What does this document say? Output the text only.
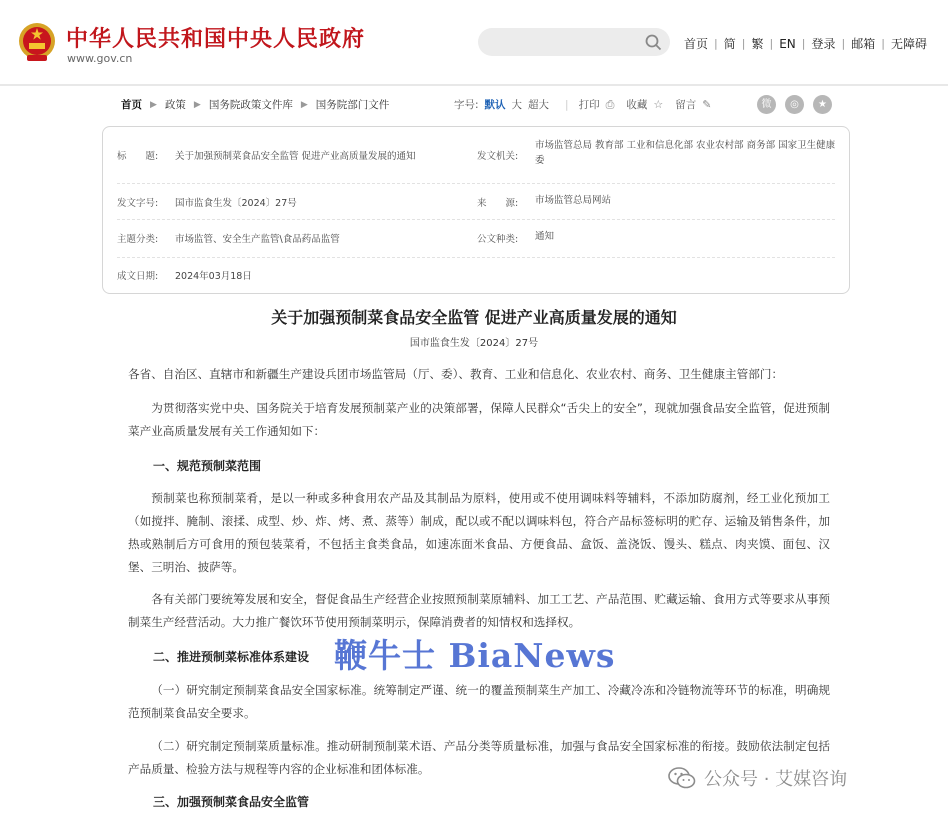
中华人民共和国中央人民政府
www.gov.cn
首页 | 简 | 繁 | EN | 登录 | 邮箱 | 无障碍
首页 ▶ 政策 ▶ 国务院政策文件库 ▶ 国务院部门文件	字号: 默认 大 超大 | 打印 ⎙ 收藏 ☆ 留言 ✎	微	◎	★
标　　题:	关于加强预制菜食品安全监管 促进产业高质量发展的通知	发文机关:
市场监管总局 教育部 工业和信息化部 农业农村部 商务部 国家卫生健康委
发文字号:	国市监食生发〔2024〕27号	来　　源: 市场监管总局网站
主题分类:	市场监管、安全生产监管\食品药品监管	公文种类: 通知
成文日期:	2024年03月18日
关于加强预制菜食品安全监管 促进产业高质量发展的通知
国市监食生发〔2024〕27号
各省、自治区、直辖市和新疆生产建设兵团市场监管局（厅、委）、教育、工业和信息化、农业农村、商务、卫生健康主管部门：
为贯彻落实党中央、国务院关于培育发展预制菜产业的决策部署，保障人民群众“舌尖上的安全”，现就加强食品安全监管，促进预制菜产业高质量发展有关工作通知如下：
一、规范预制菜范围
预制菜也称预制菜肴，是以一种或多种食用农产品及其制品为原料，使用或不使用调味料等辅料，不添加防腐剂，经工业化预加工（如搅拌、腌制、滚揉、成型、炒、炸、烤、煮、蒸等）制成，配以或不配以调味料包，符合产品标签标明的贮存、运输及销售条件，加热或熟制后方可食用的预包装菜肴，不包括主食类食品，如速冻面米食品、方便食品、盒饭、盖浇饭、馒头、糕点、肉夹馍、面包、汉堡、三明治、披萨等。
各有关部门要统筹发展和安全，督促食品生产经营企业按照预制菜原辅料、加工工艺、产品范围、贮藏运输、食用方式等要求从事预制菜生产经营活动。大力推广餐饮环节使用预制菜明示，保障消费者的知情权和选择权。
二、推进预制菜标准体系建设
（一）研究制定预制菜食品安全国家标准。统筹制定严谨、统一的覆盖预制菜生产加工、冷藏冷冻和冷链物流等环节的标准，明确规范预制菜食品安全要求。
（二）研究制定预制菜质量标准。推动研制预制菜术语、产品分类等质量标准，加强与食品安全国家标准的衔接。鼓励依法制定包括产品质量、检验方法与规程等内容的企业标准和团体标准。
三、加强预制菜食品安全监管
鞭牛士 BiaNews
公众号 · 艾媒咨询
